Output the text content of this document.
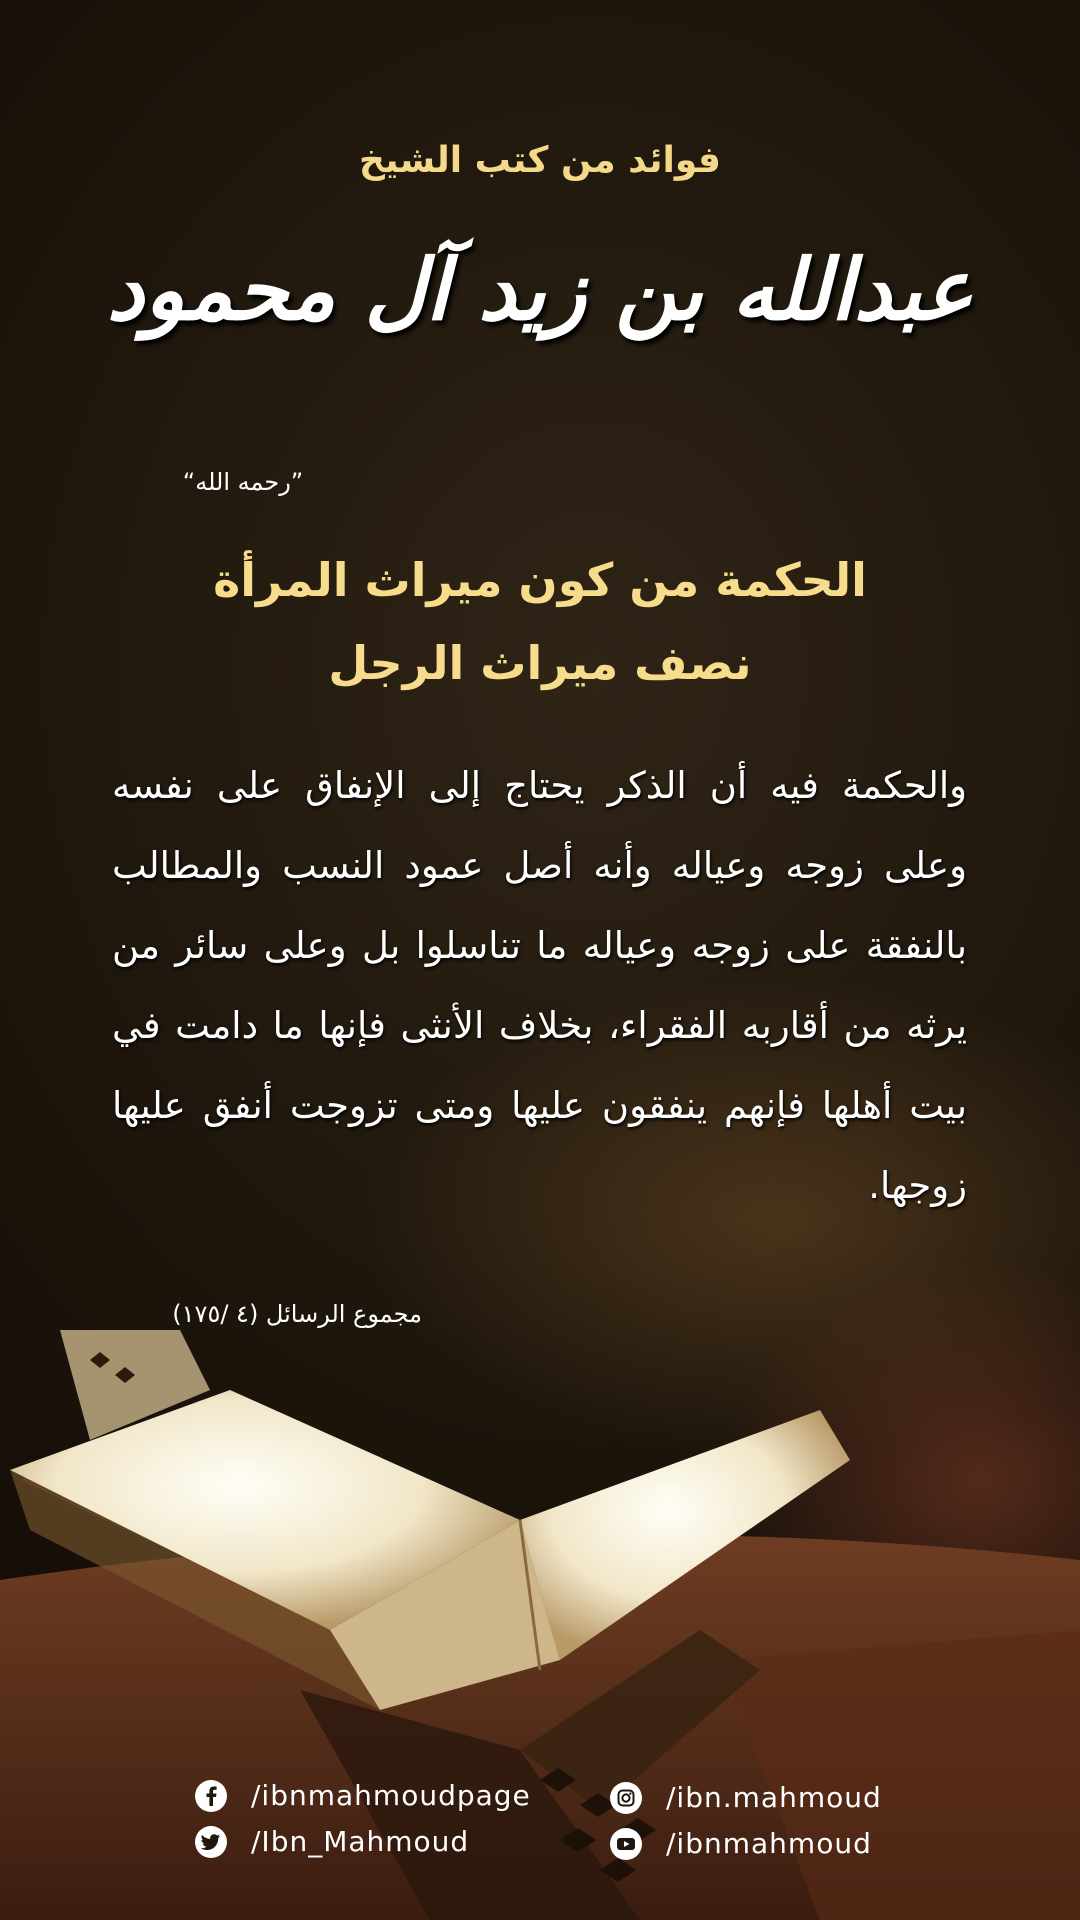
فوائد من كتب الشيخ
عبدالله بن زيد آل محمود
”رحمه الله“
الحكمة من كون ميراث المرأة
نصف ميراث الرجل
والحكمة فيه أن الذكر يحتاج إلى الإنفاق على نفسه وعلى زوجه وعياله وأنه أصل عمود النسب والمطالب بالنفقة على زوجه وعياله ما تناسلوا بل وعلى سائر من يرثه من أقاربه الفقراء، بخلاف الأنثى فإنها ما دامت في بيت أهلها فإنهم ينفقون عليها ومتى تزوجت أنفق عليها زوجها.
مجموع الرسائل (٤ /١٧٥)
/ibnmahmoudpage
/Ibn_Mahmoud
/ibn.mahmoud
/ibnmahmoud
